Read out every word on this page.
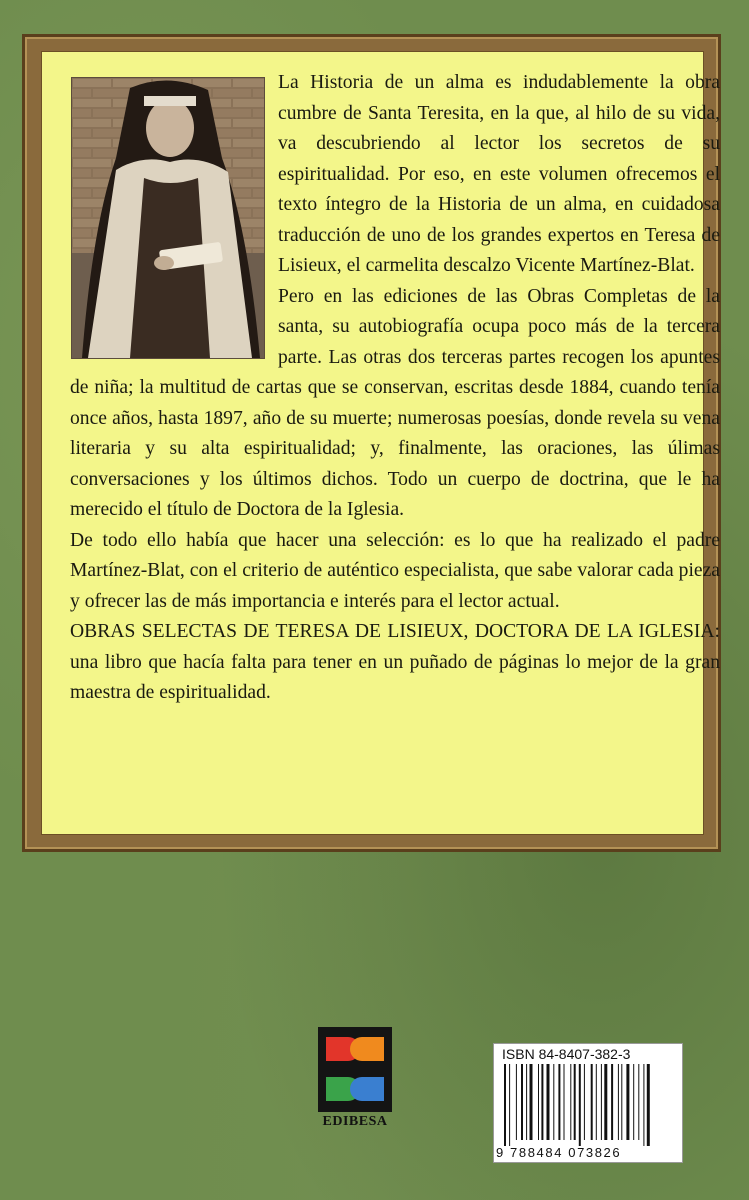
La Historia de un alma es indudablemente la obra cumbre de Santa Teresita, en la que, al hilo de su vida, va descubriendo al lector los secretos de su espiritualidad. Por eso, en este volumen ofrecemos el texto íntegro de la Historia de un alma, en cuidadosa traducción de uno de los grandes expertos en Teresa de Lisieux, el carmelita descalzo Vicente Martínez-Blat.

Pero en las ediciones de las Obras Completas de la santa, su autobiografía ocupa poco más de la tercera parte. Las otras dos terceras partes recogen los apuntes de niña; la multitud de cartas que se conservan, escritas desde 1884, cuando tenía once años, hasta 1897, año de su muerte; numerosas poesías, donde revela su vena literaria y su alta espiritualidad; y, finalmente, las oraciones, las úlimas conversaciones y los últimos dichos. Todo un cuerpo de doctrina, que le ha merecido el título de Doctora de la Iglesia.

De todo ello había que hacer una selección: es lo que ha realizado el padre Martínez-Blat, con el criterio de auténtico especialista, que sabe valorar cada pieza y ofrecer las de más importancia e interés para el lector actual.

OBRAS SELECTAS DE TERESA DE LISIEUX, DOCTORA DE LA IGLESIA: una libro que hacía falta para tener en un puñado de páginas lo mejor de la gran maestra de espiritualidad.

EDIBESA
ISBN 84-8407-382-3
9 788484 073826
